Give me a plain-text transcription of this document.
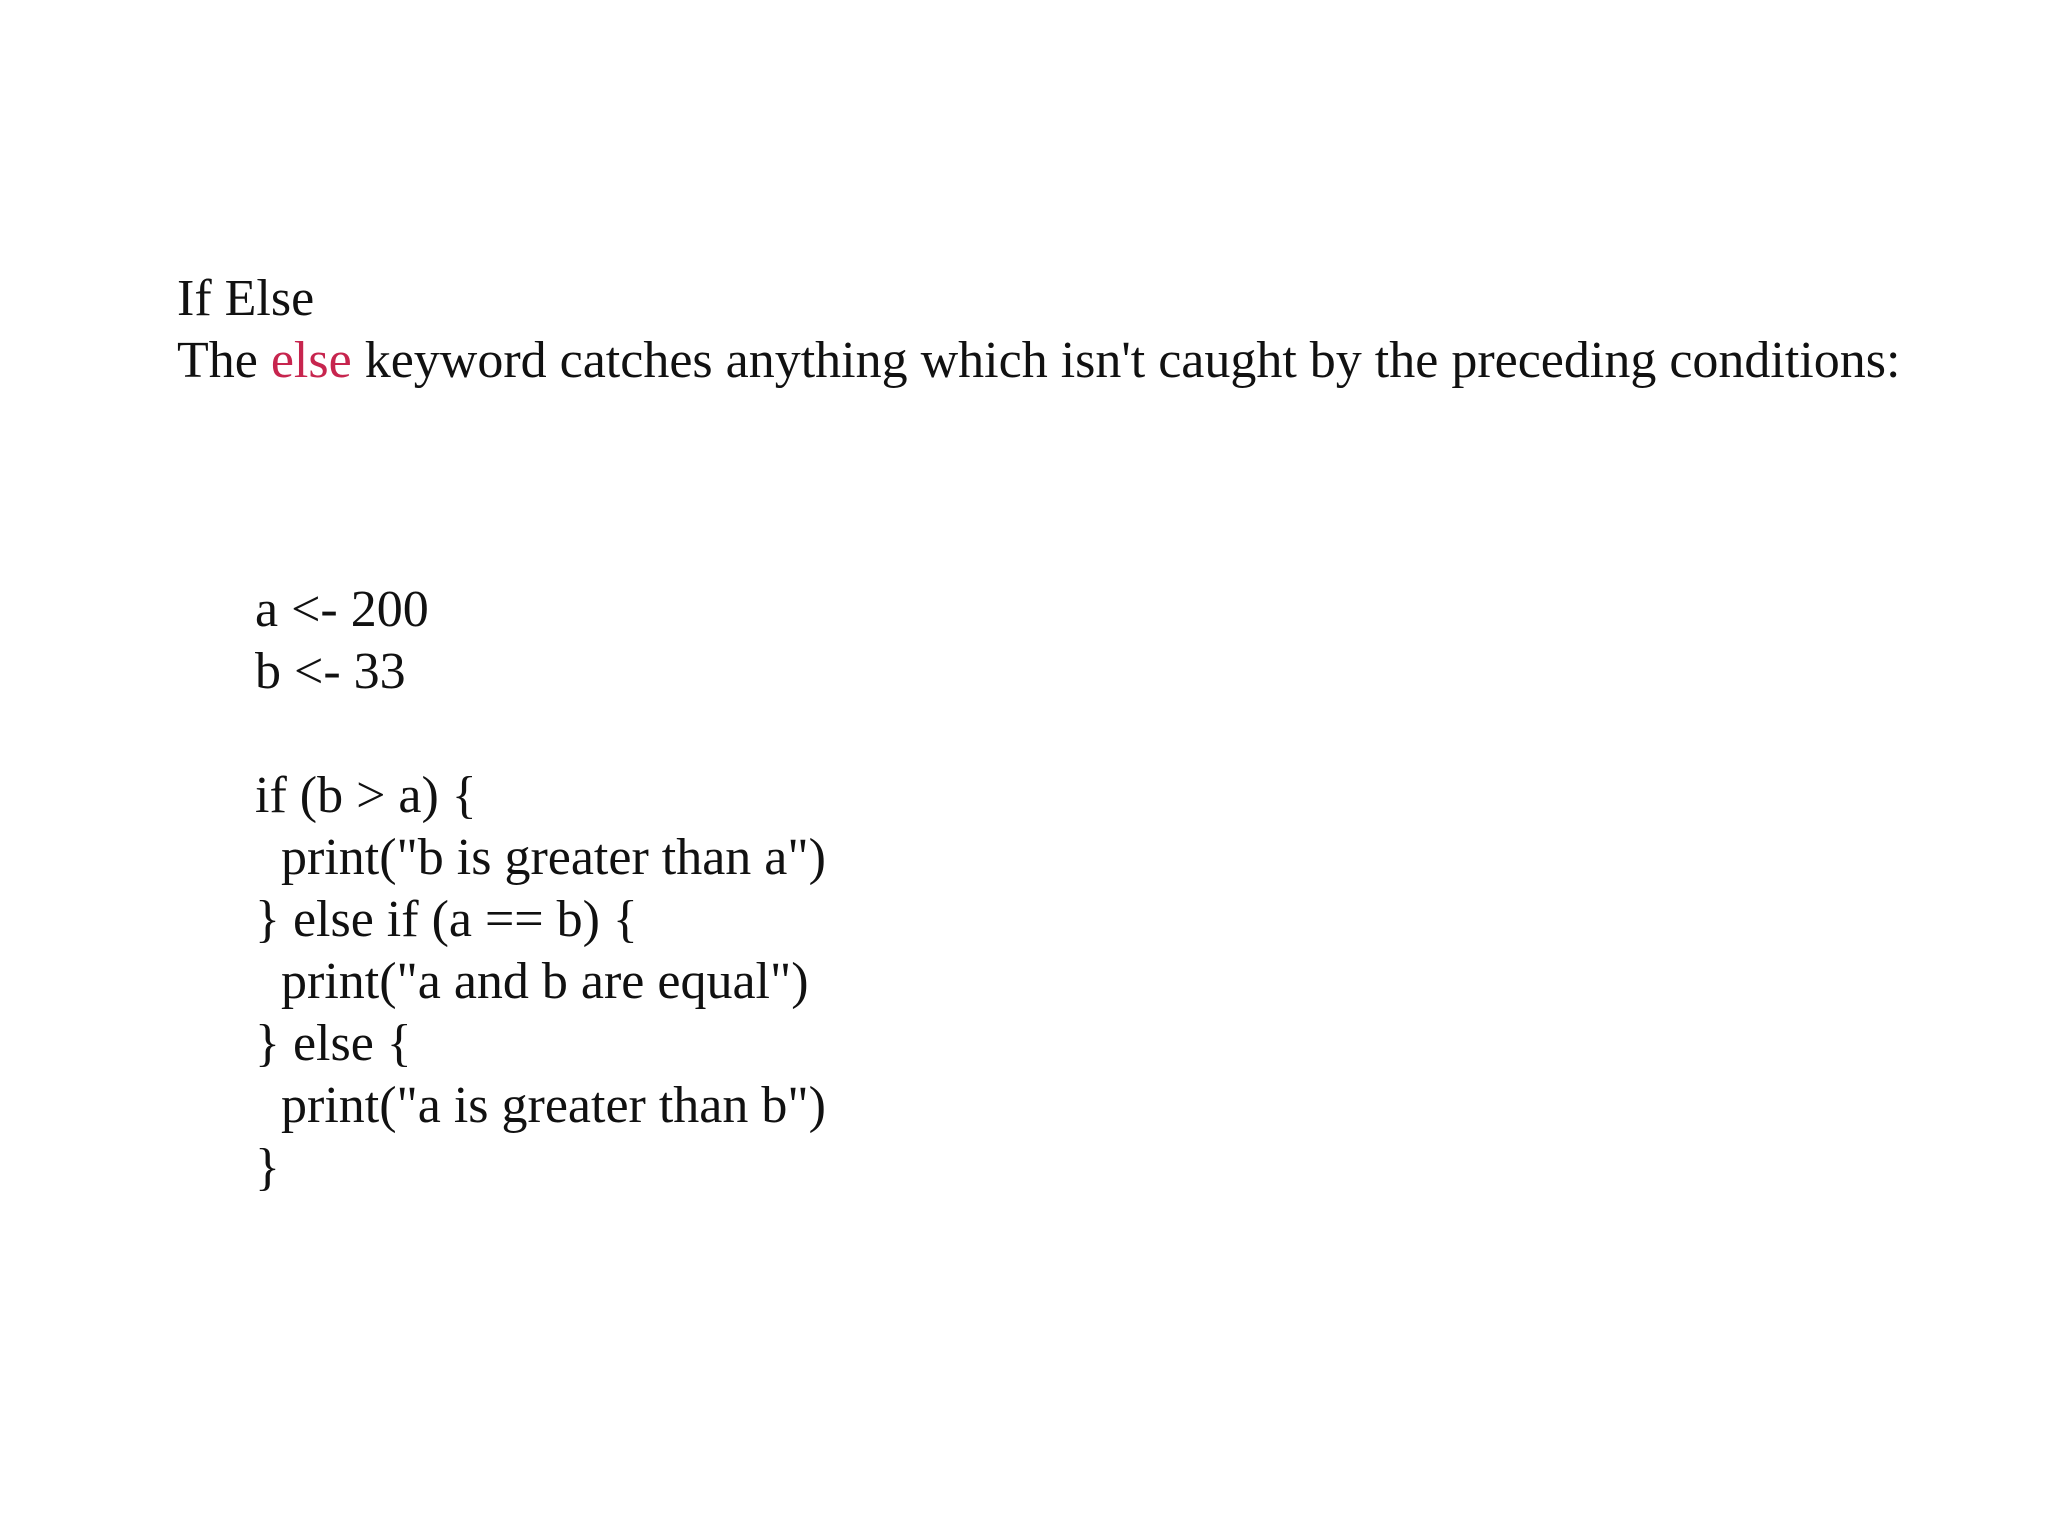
If Else
The else keyword catches anything which isn't caught by the preceding conditions:
a <- 200
b <- 33
if (b > a) {
print("b is greater than a")
} else if (a == b) {
print("a and b are equal")
} else {
print("a is greater than b")
}
